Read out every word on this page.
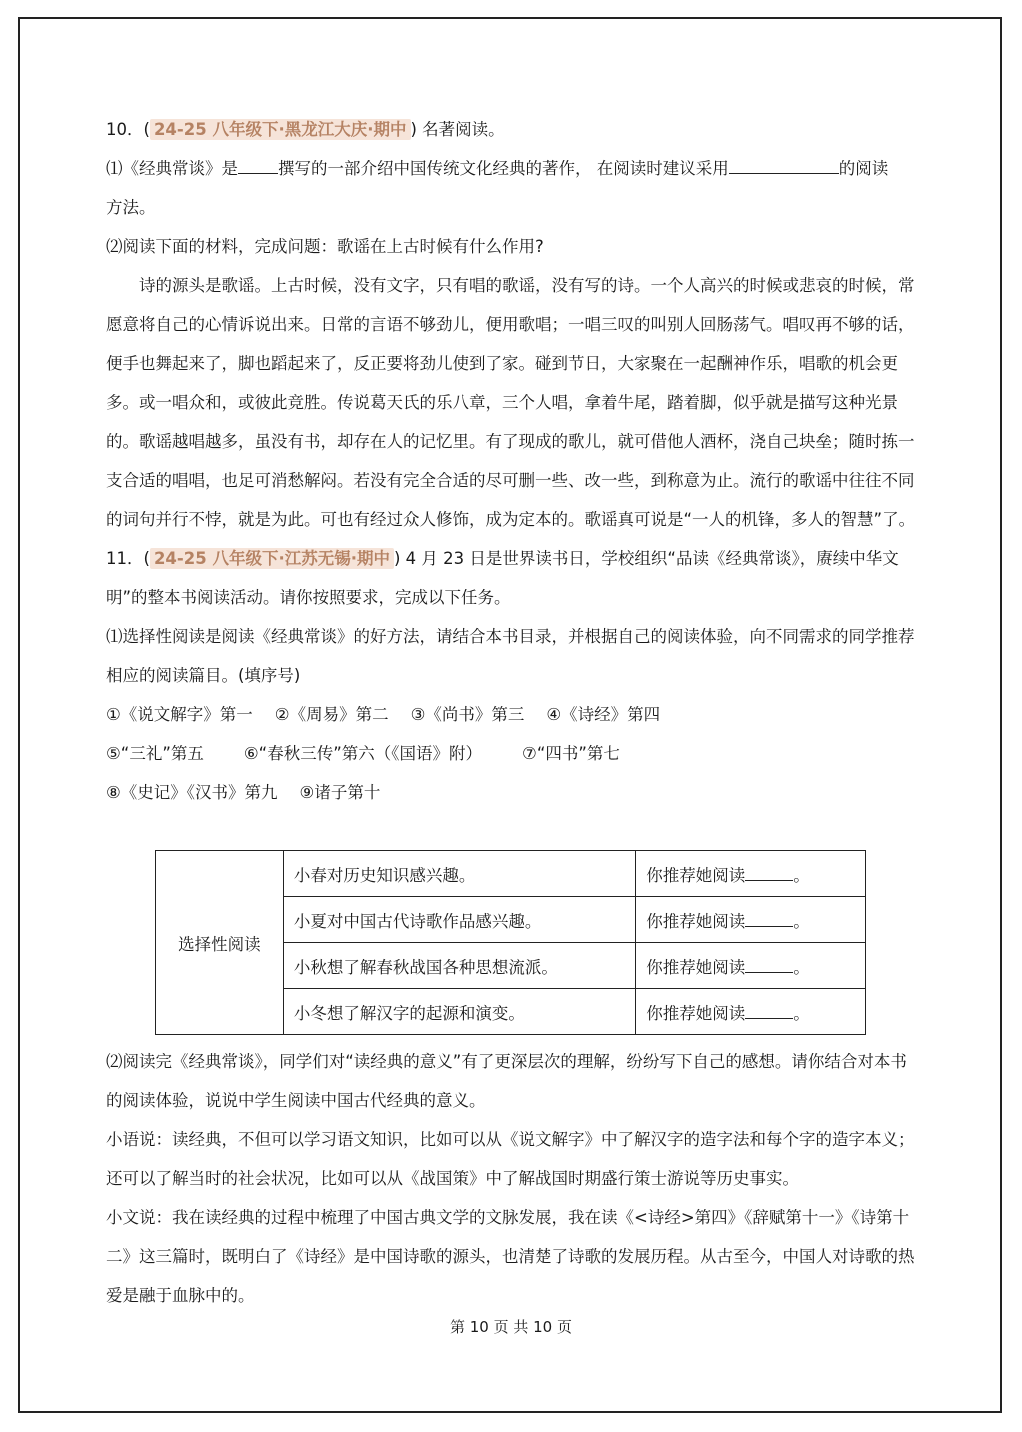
10．( 24-25 八年级下·黑龙江大庆·期中 ) 名著阅读。
⑴《经典常谈》是 撰写的一部介绍中国传统文化经典的著作， 在阅读时建议采用	的阅读
方法。
⑵阅读下面的材料，完成问题：歌谣在上古时候有什么作用?
诗的源头是歌谣。上古时候，没有文字，只有唱的歌谣，没有写的诗。一个人高兴的时候或悲哀的时候，常愿意将自己的心情诉说出来。日常的言语不够劲儿，便用歌唱；一唱三叹的叫别人回肠荡气。唱叹再不够的话，便手也舞起来了，脚也蹈起来了，反正要将劲儿使到了家。碰到节日，大家聚在一起酬神作乐，唱歌的机会更多。或一唱众和，或彼此竞胜。传说葛天氏的乐八章，三个人唱，拿着牛尾，踏着脚，似乎就是描写这种光景的。歌谣越唱越多，虽没有书，却存在人的记忆里。有了现成的歌儿，就可借他人酒杯，浇自己块垒；随时拣一支合适的唱唱，也足可消愁解闷。若没有完全合适的尽可删一些、改一些，到称意为止。流行的歌谣中往往不同的词句并行不悖，就是为此。可也有经过众人修饰，成为定本的。歌谣真可说是“一人的机锋，多人的智慧”了。
11．( 24-25 八年级下·江苏无锡·期中 ) 4 月 23 日是世界读书日，学校组织“品读《经典常谈》，赓续中华文明”的整本书阅读活动。请你按照要求，完成以下任务。
⑴选择性阅读是阅读《经典常谈》的好方法，请结合本书目录，并根据自己的阅读体验，向不同需求的同学推荐相应的阅读篇目。(填序号)
①《说文解字》第一 ②《周易》第二 ③《尚书》第三 ④《诗经》第四
⑤“三礼”第五 ⑥“春秋三传”第六（《国语》附） ⑦“四书”第七
⑧《史记》《汉书》第九 ⑨诸子第十
选择性阅读	小春对历史知识感兴趣。	你推荐她阅读 。
	小夏对中国古代诗歌作品感兴趣。	你推荐她阅读 。
	小秋想了解春秋战国各种思想流派。	你推荐她阅读 。
	小冬想了解汉字的起源和演变。	你推荐她阅读 。
⑵阅读完《经典常谈》，同学们对“读经典的意义”有了更深层次的理解，纷纷写下自己的感想。请你结合对本书的阅读体验，说说中学生阅读中国古代经典的意义。
小语说：读经典，不但可以学习语文知识，比如可以从《说文解字》中了解汉字的造字法和每个字的造字本义；还可以了解当时的社会状况，比如可以从《战国策》中了解战国时期盛行策士游说等历史事实。
小文说：我在读经典的过程中梳理了中国古典文学的文脉发展，我在读《<诗经>第四》《辞赋第十一》《诗第十二》这三篇时，既明白了《诗经》是中国诗歌的源头，也清楚了诗歌的发展历程。从古至今，中国人对诗歌的热爱是融于血脉中的。
第 10 页 共 10 页
